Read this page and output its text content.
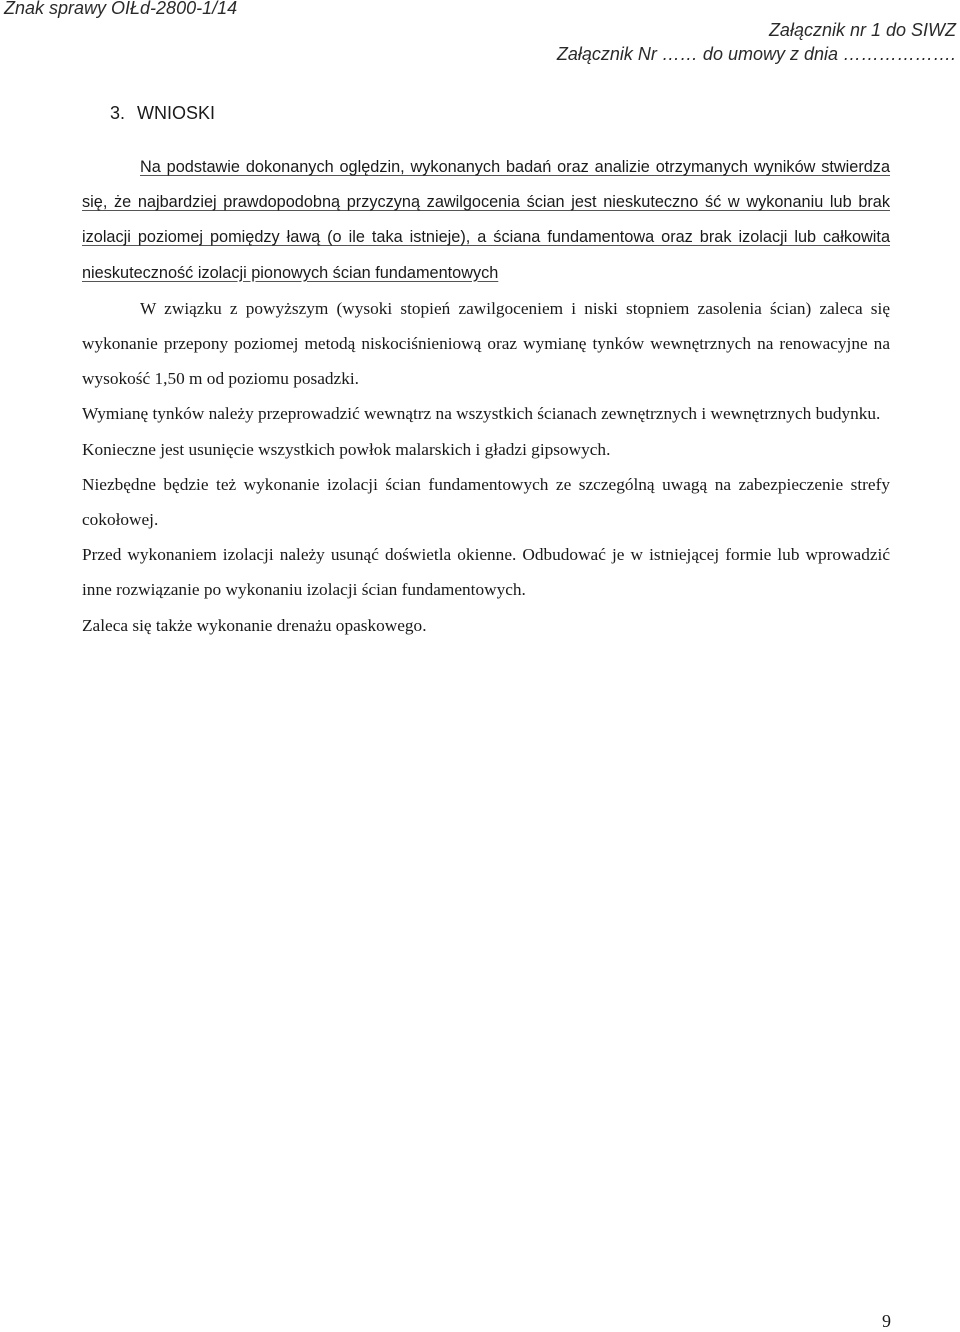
Znak sprawy OIŁd-2800-1/14
Załącznik nr 1 do SIWZ
Załącznik Nr …… do umowy z dnia ……………….
3. WNIOSKI

Na podstawie dokonanych oględzin, wykonanych badań oraz analizie otrzymanych wyników stwierdza się, że najbardziej prawdopodobną przyczyną zawilgocenia ścian jest nieskuteczno ść w wykonaniu lub brak izolacji poziomej pomiędzy ławą (o ile taka istnieje), a ściana fundamentowa oraz brak izolacji lub całkowita nieskuteczność izolacji pionowych ścian fundamentowych

W związku z powyższym (wysoki stopień zawilgoceniem i niski stopniem zasolenia ścian) zaleca się wykonanie przepony poziomej metodą niskociśnieniową oraz wymianę tynków wewnętrznych na renowacyjne na wysokość 1,50 m od poziomu posadzki.

Wymianę tynków należy przeprowadzić wewnątrz na wszystkich ścianach zewnętrznych i wewnętrznych budynku.

Konieczne jest usunięcie wszystkich powłok malarskich i gładzi gipsowych.

Niezbędne będzie też wykonanie izolacji ścian fundamentowych ze szczególną uwagą na zabezpieczenie strefy cokołowej.

Przed wykonaniem izolacji należy usunąć doświetla okienne. Odbudować je w istniejącej formie lub wprowadzić inne rozwiązanie po wykonaniu izolacji ścian fundamentowych.

Zaleca się także wykonanie drenażu opaskowego.

9
